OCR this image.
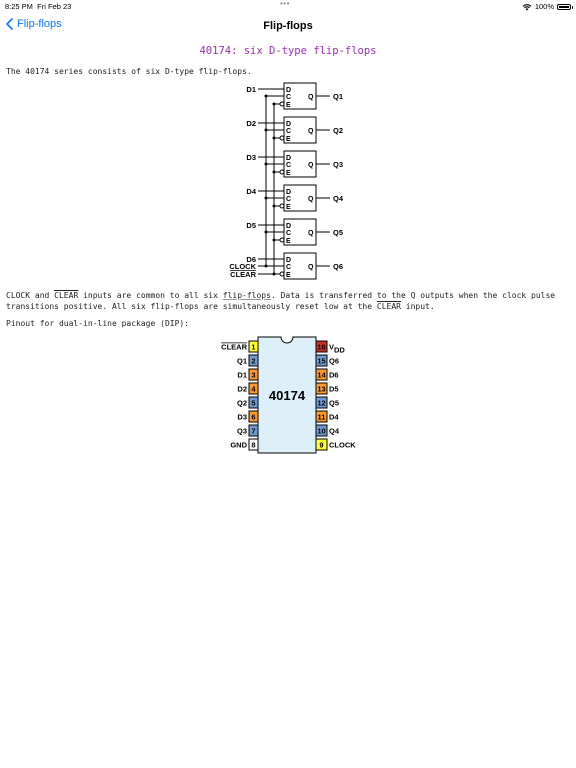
8:25 PM Fri Feb 23	•••	100%
Flip-flops	Flip-flops
40174: six D-type flip-flops
The 40174 series consists of six D-type flip-flops.
D
C
E
Q
D1
Q1
D
C
E
Q
D2
Q2
D
C
E
Q
D3
Q3
D
C
E
Q
D4
Q4
D
C
E
Q
D5
Q5
D
C
E
Q
D6
Q6
CLOCK
CLEAR
CLOCK and CLEAR inputs are common to all six flip-flops. Data is transferred to the Q outputs when the clock pulse transitions positive. All six flip-flops are simultaneously reset low at the CLEAR input.
Pinout for dual-in-line package (DIP):
40174
1
CLEAR
2
Q1
3
D1
4
D2
5
Q2
6
D3
7
Q3
8
GND
16 VDD
15 Q6
14 D6
13 D5
12 Q5
11 D4
10 Q4
9 CLOCK
